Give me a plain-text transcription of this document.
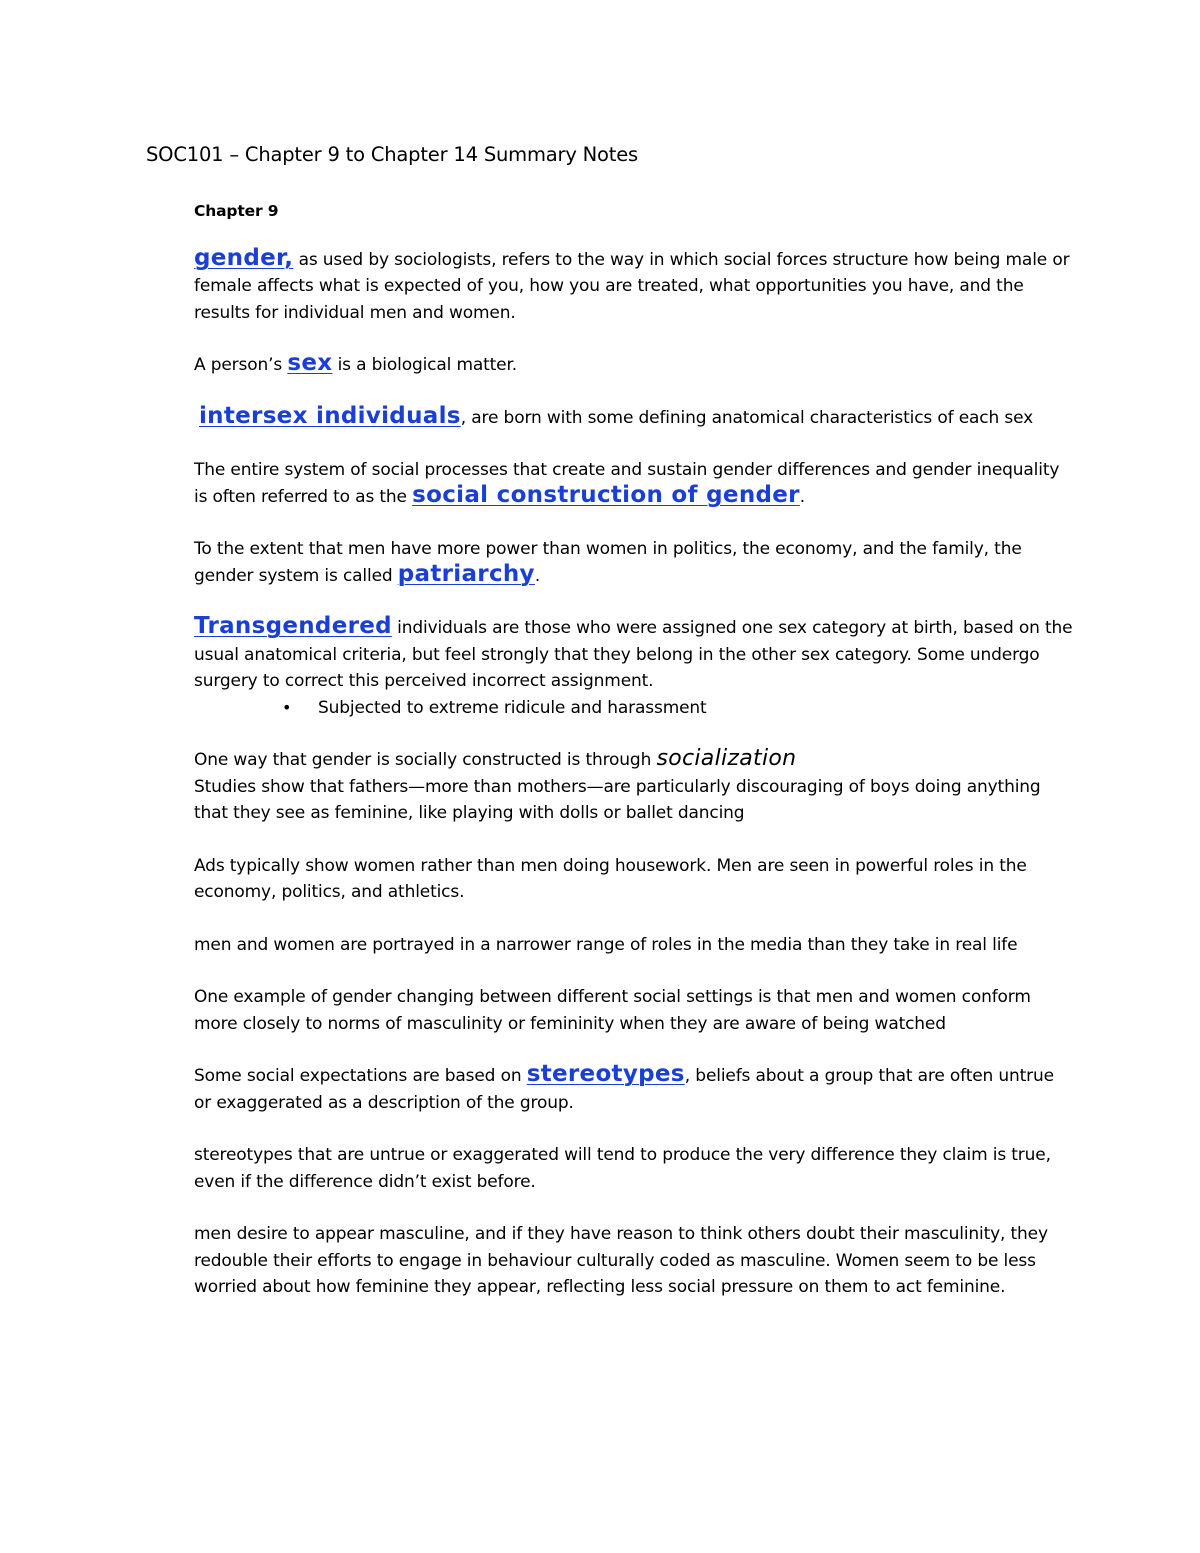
SOC101 – Chapter 9 to Chapter 14 Summary Notes

Chapter 9

gender, as used by sociologists, refers to the way in which social forces structure how being male or female affects what is expected of you, how you are treated, what opportunities you have, and the results for individual men and women.

A person’s sex is a biological matter.

intersex individuals, are born with some defining anatomical characteristics of each sex

The entire system of social processes that create and sustain gender differences and gender inequality is often referred to as the social construction of gender.

To the extent that men have more power than women in politics, the economy, and the family, the gender system is called patriarchy.

Transgendered individuals are those who were assigned one sex category at birth, based on the usual anatomical criteria, but feel strongly that they belong in the other sex category. Some undergo surgery to correct this perceived incorrect assignment.

• Subjected to extreme ridicule and harassment

One way that gender is socially constructed is through socialization
Studies show that fathers—more than mothers—are particularly discouraging of boys doing anything that they see as feminine, like playing with dolls or ballet dancing

Ads typically show women rather than men doing housework. Men are seen in powerful roles in the economy, politics, and athletics.

men and women are portrayed in a narrower range of roles in the media than they take in real life

One example of gender changing between different social settings is that men and women conform more closely to norms of masculinity or femininity when they are aware of being watched

Some social expectations are based on stereotypes, beliefs about a group that are often untrue or exaggerated as a description of the group.

stereotypes that are untrue or exaggerated will tend to produce the very difference they claim is true, even if the difference didn’t exist before.

men desire to appear masculine, and if they have reason to think others doubt their masculinity, they redouble their efforts to engage in behaviour culturally coded as masculine. Women seem to be less worried about how feminine they appear, reflecting less social pressure on them to act feminine.
